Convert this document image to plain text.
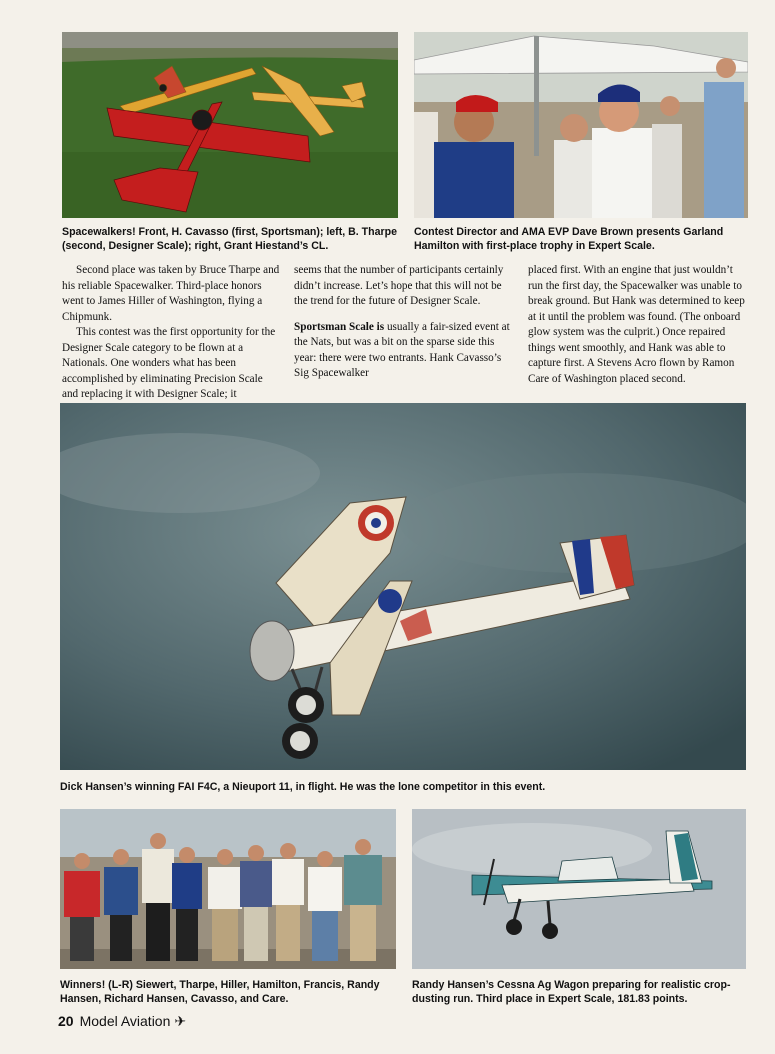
Spacewalkers! Front, H. Cavasso (first, Sportsman); left, B. Tharpe (second, Designer Scale); right, Grant Hiestand’s CL.

Contest Director and AMA EVP Dave Brown presents Garland Hamilton with first-place trophy in Expert Scale.

Second place was taken by Bruce Tharpe and his reliable Spacewalker. Third-place honors went to James Hiller of Washington, flying a Chipmunk.

This contest was the first opportunity for the Designer Scale category to be flown at a Nationals. One wonders what has been accomplished by eliminating Precision Scale and replacing it with Designer Scale; it

seems that the number of participants certainly didn’t increase. Let’s hope that this will not be the trend for the future of Designer Scale.

Sportsman Scale is usually a fair-sized event at the Nats, but was a bit on the sparse side this year: there were two entrants. Hank Cavasso’s Sig Spacewalker

placed first. With an engine that just wouldn’t run the first day, the Spacewalker was unable to break ground. But Hank was determined to keep at it until the problem was found. (The onboard glow system was the culprit.) Once repaired things went smoothly, and Hank was able to capture first. A Stevens Acro flown by Ramon Care of Washington placed second.

Dick Hansen’s winning FAI F4C, a Nieuport 11, in flight. He was the lone competitor in this event.

Winners! (L-R) Siewert, Tharpe, Hiller, Hamilton, Francis, Randy Hansen, Richard Hansen, Cavasso, and Care.

Randy Hansen’s Cessna Ag Wagon preparing for realistic crop-dusting run. Third place in Expert Scale, 181.83 points.

20 Model Aviation ✈
